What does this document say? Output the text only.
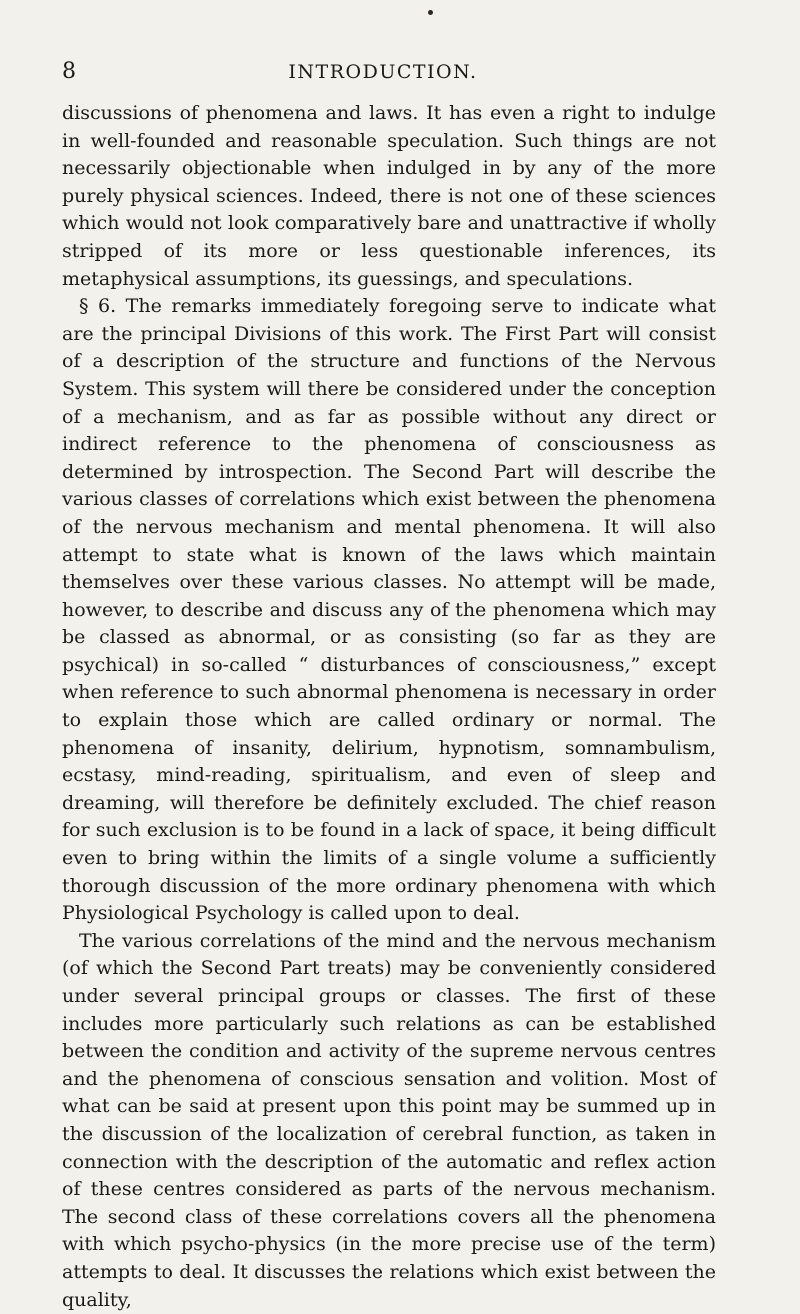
8	INTRODUCTION.

discussions of phenomena and laws. It has even a right to indulge in well-founded and reasonable speculation. Such things are not necessarily objectionable when indulged in by any of the more purely physical sciences. Indeed, there is not one of these sciences which would not look comparatively bare and unattractive if wholly stripped of its more or less questionable inferences, its metaphysical assumptions, its guessings, and speculations.

§ 6. The remarks immediately foregoing serve to indicate what are the principal Divisions of this work. The First Part will consist of a description of the structure and functions of the Nervous System. This system will there be considered under the conception of a mechanism, and as far as possible without any direct or indirect reference to the phenomena of consciousness as determined by introspection. The Second Part will describe the various classes of correlations which exist between the phenomena of the nervous mechanism and mental phenomena. It will also attempt to state what is known of the laws which maintain themselves over these various classes. No attempt will be made, however, to describe and discuss any of the phenomena which may be classed as abnormal, or as consisting (so far as they are psychical) in so-called “ disturbances of consciousness,” except when reference to such abnormal phenomena is necessary in order to explain those which are called ordinary or normal. The phenomena of insanity, delirium, hypnotism, somnambulism, ecstasy, mind-reading, spiritualism, and even of sleep and dreaming, will therefore be definitely excluded. The chief reason for such exclusion is to be found in a lack of space, it being difficult even to bring within the limits of a single volume a sufficiently thorough discussion of the more ordinary phenomena with which Physiological Psychology is called upon to deal.

The various correlations of the mind and the nervous mechanism (of which the Second Part treats) may be conveniently considered under several principal groups or classes. The first of these includes more particularly such relations as can be established between the condition and activity of the supreme nervous centres and the phenomena of conscious sensation and volition. Most of what can be said at present upon this point may be summed up in the discussion of the localization of cerebral function, as taken in connection with the description of the automatic and reflex action of these centres considered as parts of the nervous mechanism. The second class of these correlations covers all the phenomena with which psycho-physics (in the more precise use of the term) attempts to deal. It discusses the relations which exist between the quality,
